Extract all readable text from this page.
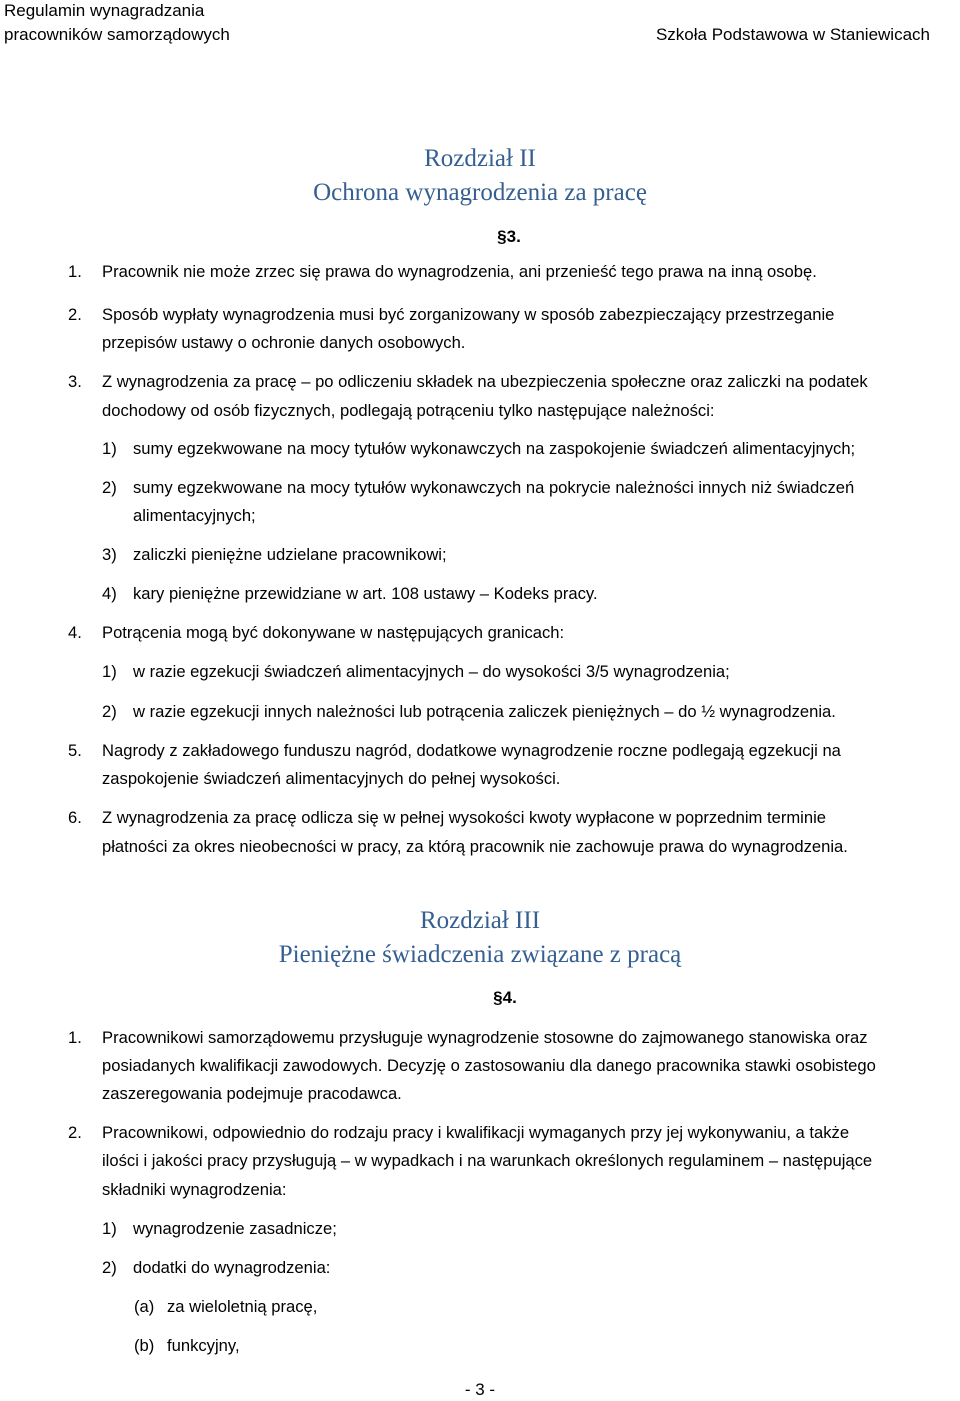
Regulamin wynagradzania
pracowników samorządowych	Szkoła Podstawowa w Staniewicach
Rozdział II
Ochrona wynagrodzenia za pracę
§3.
1. Pracownik nie może zrzec się prawa do wynagrodzenia, ani przenieść tego prawa na inną osobę.
2. Sposób wypłaty wynagrodzenia musi być zorganizowany w sposób zabezpieczający przestrzeganie
przepisów ustawy o ochronie danych osobowych.
3. Z wynagrodzenia za pracę – po odliczeniu składek na ubezpieczenia społeczne oraz zaliczki na podatek
dochodowy od osób fizycznych, podlegają potrąceniu tylko następujące należności:
1) sumy egzekwowane na mocy tytułów wykonawczych na zaspokojenie świadczeń alimentacyjnych;
2) sumy egzekwowane na mocy tytułów wykonawczych na pokrycie należności innych niż świadczeń
alimentacyjnych;
3) zaliczki pieniężne udzielane pracownikowi;
4) kary pieniężne przewidziane w art. 108 ustawy – Kodeks pracy.
4. Potrącenia mogą być dokonywane w następujących granicach:
1) w razie egzekucji świadczeń alimentacyjnych – do wysokości 3/5 wynagrodzenia;
2) w razie egzekucji innych należności lub potrącenia zaliczek pieniężnych – do ½ wynagrodzenia.
5. Nagrody z zakładowego funduszu nagród, dodatkowe wynagrodzenie roczne podlegają egzekucji na
zaspokojenie świadczeń alimentacyjnych do pełnej wysokości.
6. Z wynagrodzenia za pracę odlicza się w pełnej wysokości kwoty wypłacone w poprzednim terminie
płatności za okres nieobecności w pracy, za którą pracownik nie zachowuje prawa do wynagrodzenia.
Rozdział III
Pieniężne świadczenia związane z pracą
§4.
1. Pracownikowi samorządowemu przysługuje wynagrodzenie stosowne do zajmowanego stanowiska oraz
posiadanych kwalifikacji zawodowych. Decyzję o zastosowaniu dla danego pracownika stawki osobistego
zaszeregowania podejmuje pracodawca.
2. Pracownikowi, odpowiednio do rodzaju pracy i kwalifikacji wymaganych przy jej wykonywaniu, a także
ilości i jakości pracy przysługują – w wypadkach i na warunkach określonych regulaminem – następujące
składniki wynagrodzenia:
1) wynagrodzenie zasadnicze;
2) dodatki do wynagrodzenia:
(a) za wieloletnią pracę,
(b) funkcyjny,
- 3 -
